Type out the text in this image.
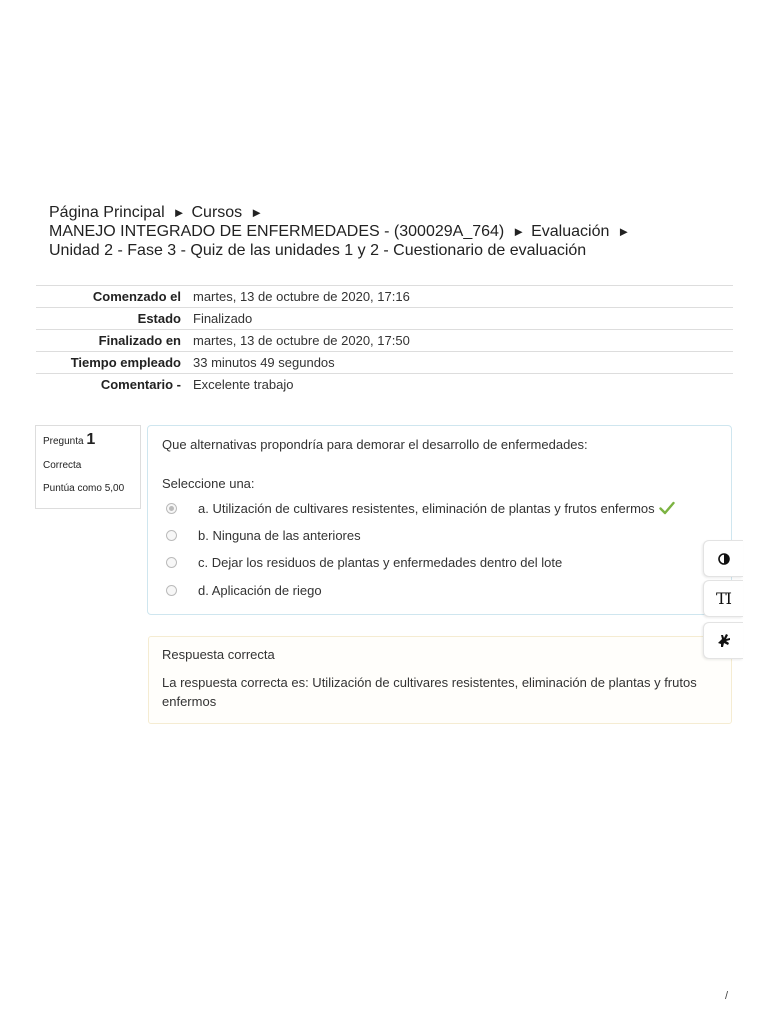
Página Principal ► Cursos ►
MANEJO INTEGRADO DE ENFERMEDADES - (300029A_764) ► Evaluación ►
Unidad 2 - Fase 3 - Quiz de las unidades 1 y 2 - Cuestionario de evaluación
Comenzado el	martes, 13 de octubre de 2020, 17:16
Estado	Finalizado
Finalizado en	martes, 13 de octubre de 2020, 17:50
Tiempo empleado	33 minutos 49 segundos
Comentario -	Excelente trabajo
Pregunta 1
Correcta
Puntúa como 5,00
Que alternativas propondría para demorar el desarrollo de enfermedades:
Seleccione una:
a. Utilización de cultivares resistentes, eliminación de plantas y frutos enfermos
b. Ninguna de las anteriores
c. Dejar los residuos de plantas y enfermedades dentro del lote
d. Aplicación de riego
Respuesta correcta
La respuesta correcta es: Utilización de cultivares resistentes, eliminación de plantas y frutos enfermos
TI
/
